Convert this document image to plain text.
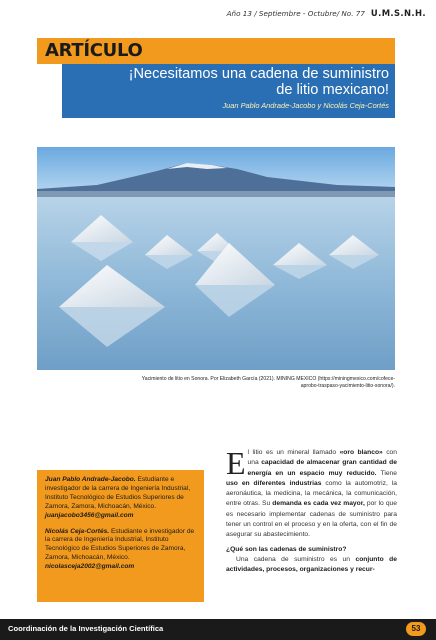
Año 13 / Septiembre - Octubre/ No. 77 U.M.S.N.H.
ARTÍCULO
¡Necesitamos una cadena de suministro
de litio mexicano!
Juan Pablo Andrade-Jacobo y Nicolás Ceja-Cortés
Yacimiento de litio en Sonora. Por Elizabeth García (2021). MINING MEXICO (https://miningmexico.com/cofece-
aprobo-traspaso-yacimiento-litio-sonora/).
Juan Pablo Andrade-Jacobo. Estudiante e investigador de la carrera de Ingeniería Industrial, Instituto Tecnológico de Estudios Superiores de Zamora, Zamora, Michoacán, México.
juanjacobo3456@gmail.com
Nicolás Ceja-Cortés. Estudiante e investigador de la carrera de Ingeniería Industrial, Instituto Tecnológico de Estudios Superiores de Zamora, Zamora, Michoacán, México.
nicolasceja2002@gmail.com

El litio es un mineral llamado «oro blanco» con una capacidad de almacenar gran cantidad de energía en un espacio muy reducido. Tiene uso en diferentes industrias como la automotriz, la aeronáutica, la medicina, la mecánica, la comunicación, entre otras. Su demanda es cada vez mayor, por lo que es necesario implementar cadenas de suministro para tener un control en el proceso y en la oferta, con el fin de asegurar su abastecimiento.

¿Qué son las cadenas de suministro?

Una cadena de suministro es un conjunto de actividades, procesos, organizaciones y recur-

Coordinación de la Investigación Científica	53
